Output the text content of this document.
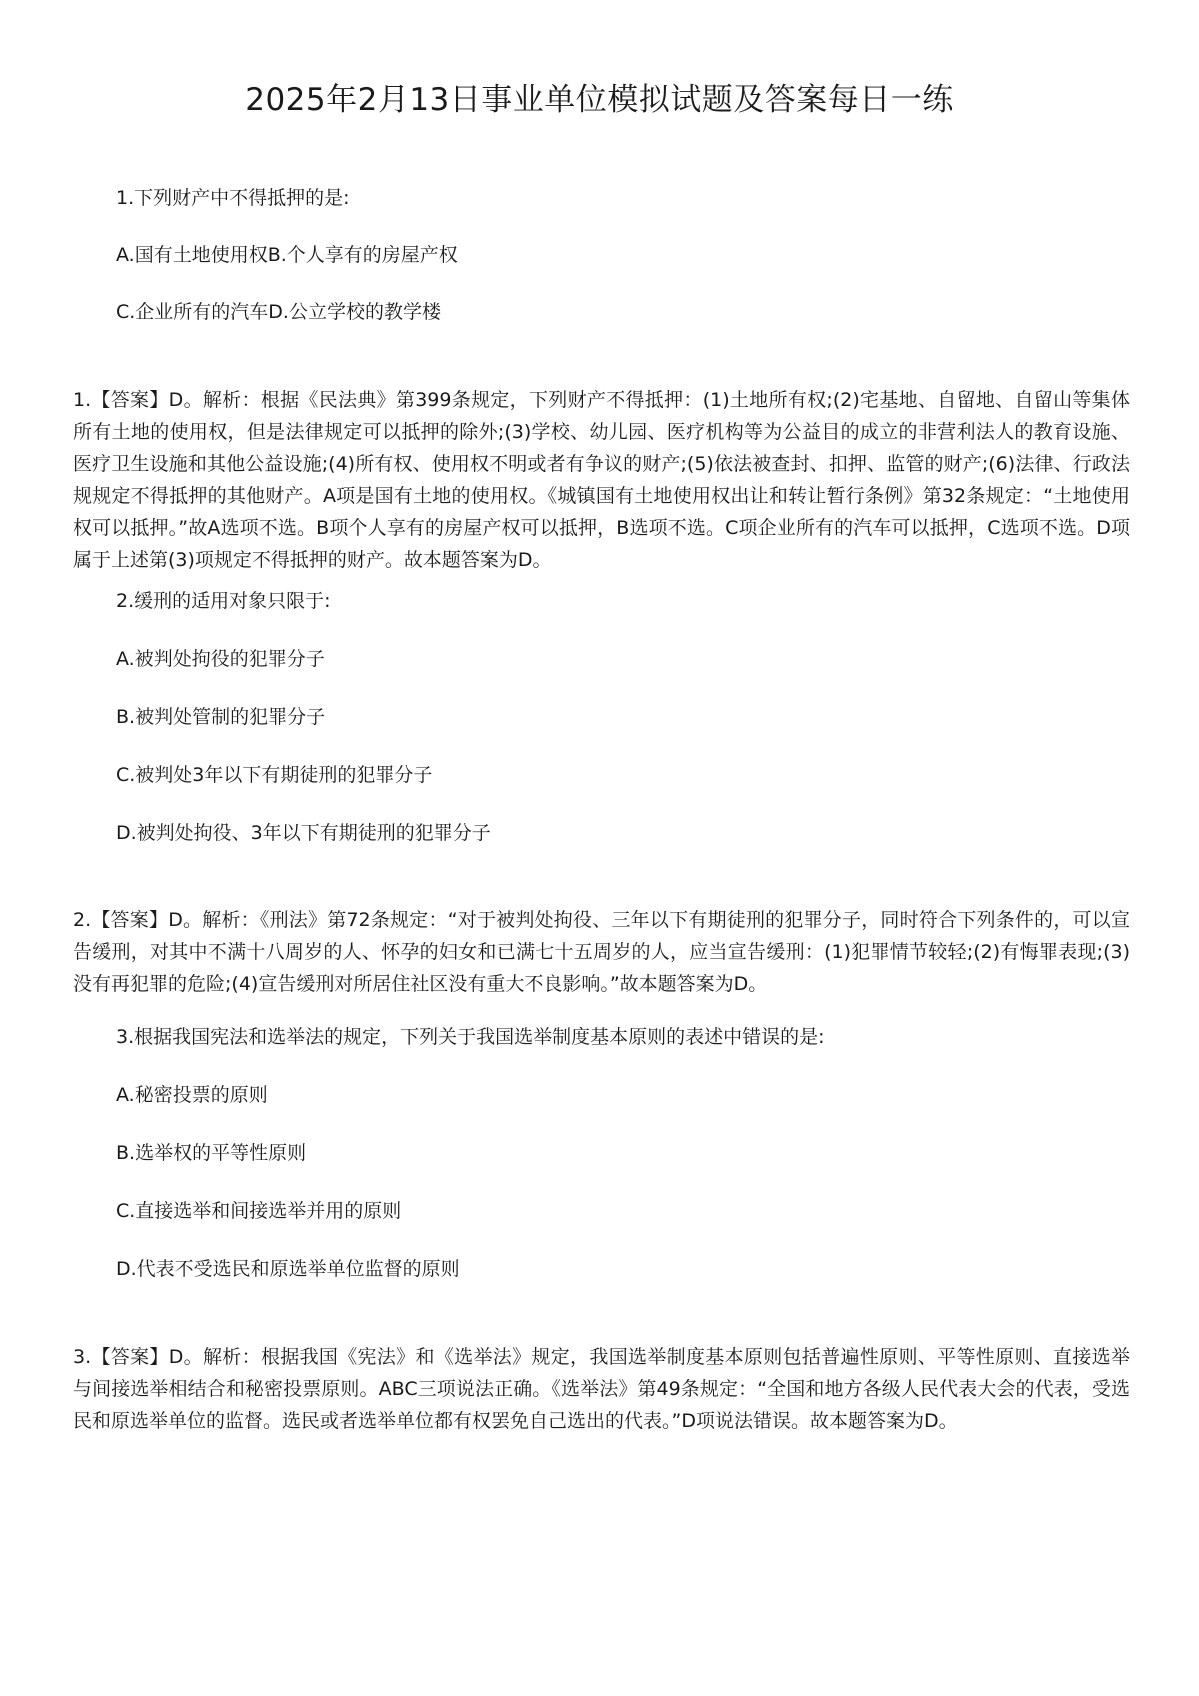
2025年2月13日事业单位模拟试题及答案每日一练

1.下列财产中不得抵押的是:

A.国有土地使用权B.个人享有的房屋产权

C.企业所有的汽车D.公立学校的教学楼

1.【答案】D。解析：根据《民法典》第399条规定，下列财产不得抵押：(1)土地所有权;(2)宅基地、自留地、自留山等集体所有土地的使用权，但是法律规定可以抵押的除外;(3)学校、幼儿园、医疗机构等为公益目的成立的非营利法人的教育设施、医疗卫生设施和其他公益设施;(4)所有权、使用权不明或者有争议的财产;(5)依法被查封、扣押、监管的财产;(6)法律、行政法规规定不得抵押的其他财产。A项是国有土地的使用权。《城镇国有土地使用权出让和转让暂行条例》第32条规定：“土地使用权可以抵押。”故A选项不选。B项个人享有的房屋产权可以抵押，B选项不选。C项企业所有的汽车可以抵押，C选项不选。D项属于上述第(3)项规定不得抵押的财产。故本题答案为D。

2.缓刑的适用对象只限于:

A.被判处拘役的犯罪分子

B.被判处管制的犯罪分子

C.被判处3年以下有期徒刑的犯罪分子

D.被判处拘役、3年以下有期徒刑的犯罪分子

2.【答案】D。解析：《刑法》第72条规定：“对于被判处拘役、三年以下有期徒刑的犯罪分子，同时符合下列条件的，可以宣告缓刑，对其中不满十八周岁的人、怀孕的妇女和已满七十五周岁的人，应当宣告缓刑：(1)犯罪情节较轻;(2)有悔罪表现;(3)没有再犯罪的危险;(4)宣告缓刑对所居住社区没有重大不良影响。”故本题答案为D。

3.根据我国宪法和选举法的规定，下列关于我国选举制度基本原则的表述中错误的是:

A.秘密投票的原则

B.选举权的平等性原则

C.直接选举和间接选举并用的原则

D.代表不受选民和原选举单位监督的原则

3.【答案】D。解析：根据我国《宪法》和《选举法》规定，我国选举制度基本原则包括普遍性原则、平等性原则、直接选举与间接选举相结合和秘密投票原则。ABC三项说法正确。《选举法》第49条规定：“全国和地方各级人民代表大会的代表，受选民和原选举单位的监督。选民或者选举单位都有权罢免自己选出的代表。”D项说法错误。故本题答案为D。
